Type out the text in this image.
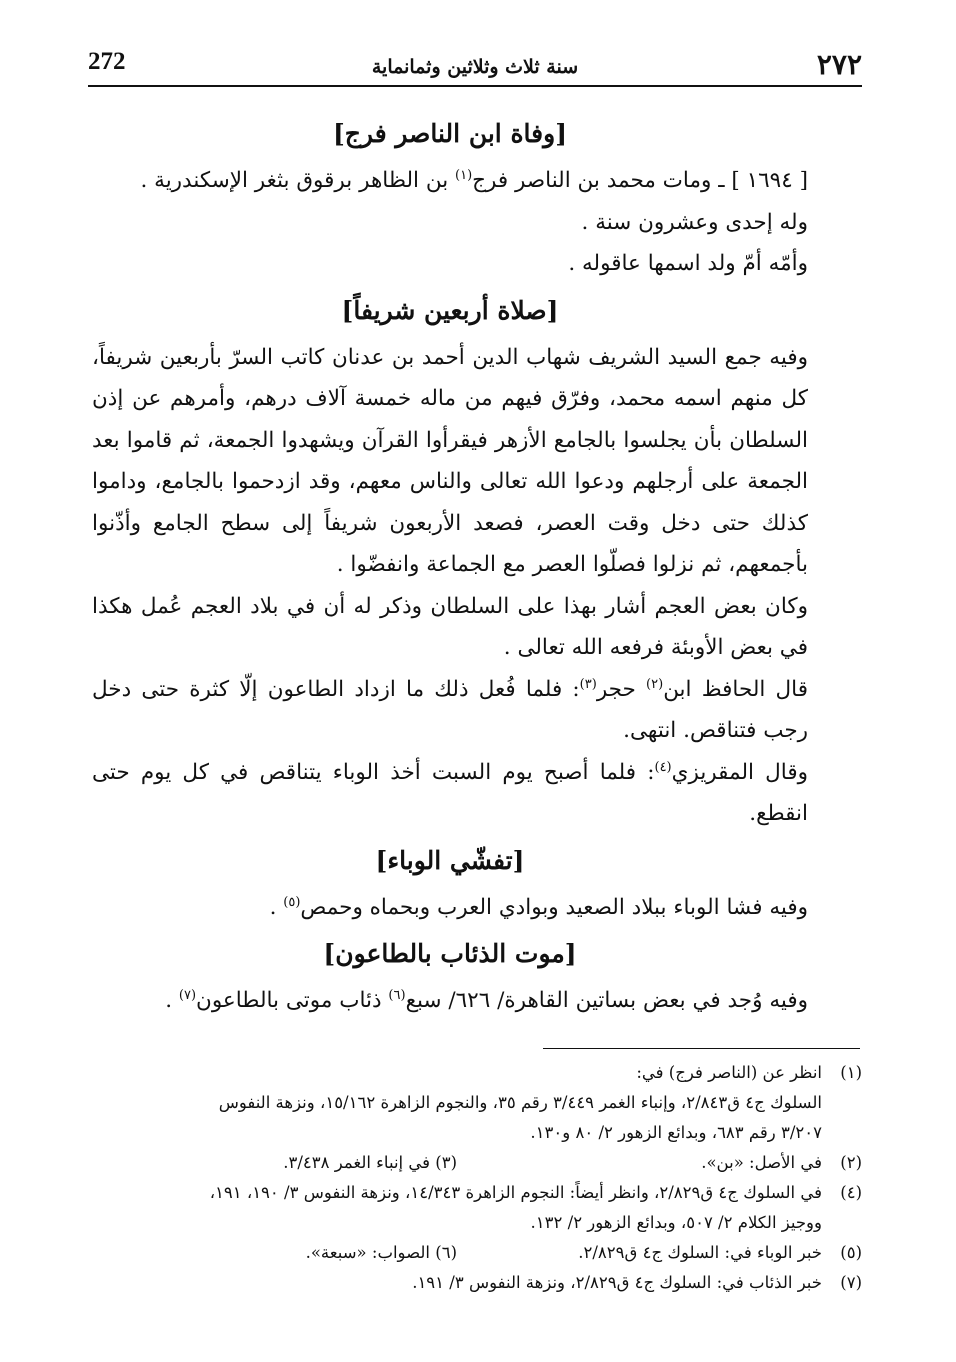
٢٧٢
سنة ثلاث وثلاثين وثمانماية
272
[وفاة ابن الناصر فرج]

[ ١٦٩٤ ] ـ ومات محمد بن الناصر فرج$^{(١)}$ بن الظاهر برقوق بثغر الإسكندرية .

وله إحدى وعشرون سنة .

وأمّه أمّ ولد اسمها عاقوله .

[صلاة أربعين شريفاً]

وفيه جمع السيد الشريف شهاب الدين أحمد بن عدنان كاتب السرّ بأربعين شريفاً، كل منهم اسمه محمد، وفرّق فيهم من ماله خمسة آلاف درهم، وأمرهم عن إذن السلطان بأن يجلسوا بالجامع الأزهر فيقرأوا القرآن ويشهدوا الجمعة، ثم قاموا بعد الجمعة على أرجلهم ودعوا الله تعالى والناس معهم، وقد ازدحموا بالجامع، وداموا كذلك حتى دخل وقت العصر، فصعد الأربعون شريفاً إلى سطح الجامع وأذّنوا بأجمعهم، ثم نزلوا فصلّوا العصر مع الجماعة وانفضّوا .

وكان بعض العجم أشار بهذا على السلطان وذكر له أن في بلاد العجم عُمل هكذا في بعض الأوبئة فرفعه الله تعالى .

قال الحافظ ابن$^{(٢)}$ حجر$^{(٣)}$: فلما فُعل ذلك ما ازداد الطاعون إلّا كثرة حتى دخل رجب فتناقص. انتهى.

وقال المقريزي$^{(٤)}$: فلما أصبح يوم السبت أخذ الوباء يتناقص في كل يوم حتى انقطع.

[تفشّي الوباء]

وفيه فشا الوباء ببلاد الصعيد وبوادي العرب وبحماه وحمص$^{(٥)}$ .

[موت الذئاب بالطاعون]

وفيه وُجد في بعض بساتين القاهرة/ ٦٢٦/ سبع$^{(٦)}$ ذئاب موتى بالطاعون$^{(٧)}$ .

(١)
انظر عن (الناصر فرج) في:
السلوك ج٤ ق٢/٨٤٣، وإنباء الغمر ٣/٤٤٩ رقم ٣٥، والنجوم الزاهرة ١٥/١٦٢، ونزهة النفوس
٣/٢٠٧ رقم ٦٨٣، وبدائع الزهور ٢/ ٨٠ و١٣٠.
(٢)
في الأصل: «بن».
(٣) في إنباء الغمر ٣/٤٣٨.
(٤)
في السلوك ج٤ ق٢/٨٢٩، وانظر أيضاً: النجوم الزاهرة ١٤/٣٤٣، ونزهة النفوس ٣/ ١٩٠، ١٩١،
ووجيز الكلام ٢/ ٥٠٧، وبدائع الزهور ٢/ ١٣٢.
(٥)
خبر الوباء في: السلوك ج٤ ق٢/٨٢٩.
(٦) الصواب: «سبعة».
(٧)
خبر الذئاب في: السلوك ج٤ ق٢/٨٢٩، ونزهة النفوس ٣/ ١٩١.
